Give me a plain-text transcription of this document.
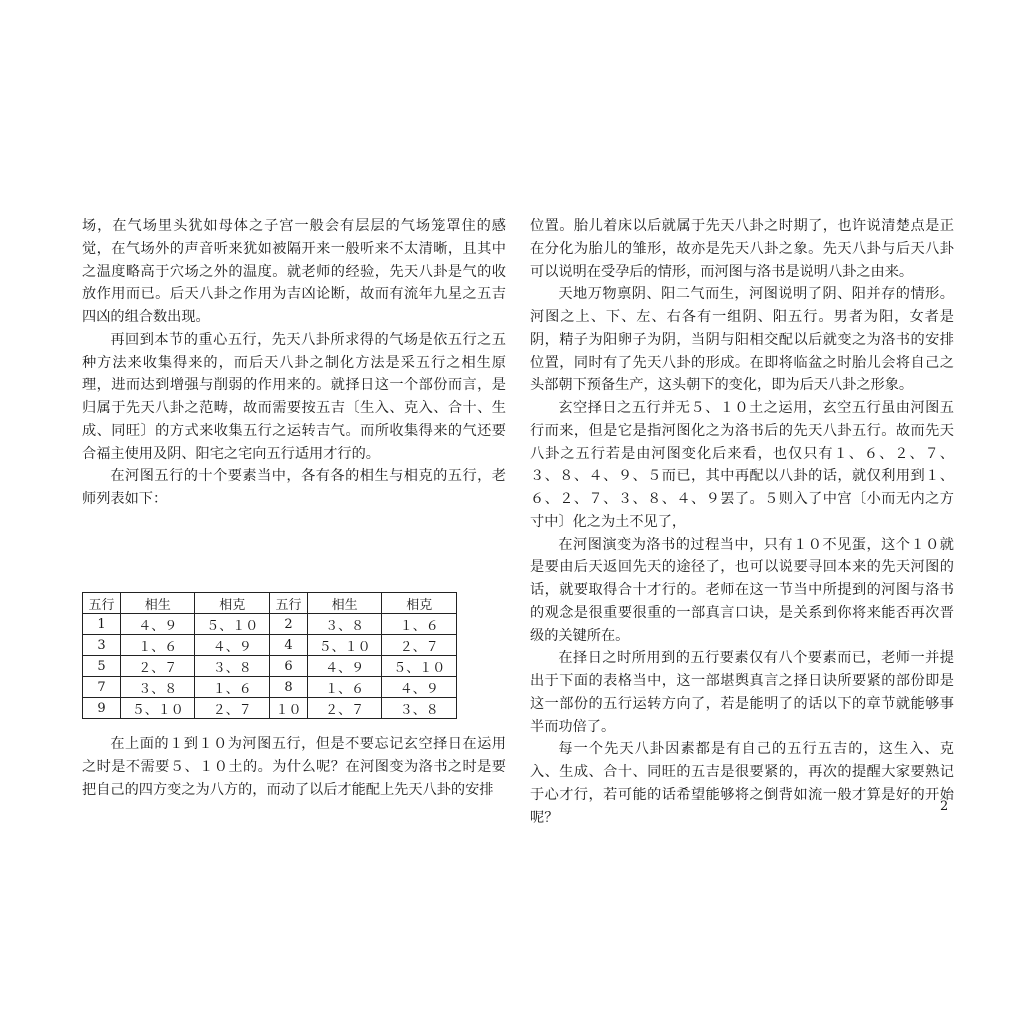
场，在气场里头犹如母体之子宫一般会有层层的气场笼罩住的感觉，在气场外的声音听来犹如被隔开来一般听来不太清晰，且其中之温度略高于穴场之外的温度。就老师的经验，先天八卦是气的收放作用而已。后天八卦之作用为吉凶论断，故而有流年九星之五吉四凶的组合数出现。

再回到本节的重心五行，先天八卦所求得的气场是依五行之五种方法来收集得来的，而后天八卦之制化方法是采五行之相生原理，进而达到增强与削弱的作用来的。就择日这一个部份而言，是归属于先天八卦之范畴，故而需要按五吉〔生入、克入、合十、生成、同旺〕的方式来收集五行之运转吉气。而所收集得来的气还要合福主使用及阴、阳宅之宅向五行适用才行的。

在河图五行的十个要素当中，各有各的相生与相克的五行，老师列表如下：

五行	相生	相克	五行	相生	相克
1	４、９	５、１０	2	３、８	１、６
3	１、６	４、９	4	５、１０	２、７
5	２、７	３、８	6	４、９	５、１０
7	３、８	１、６	8	１、６	４、９
9	５、１０	２、７	１０	２、７	３、８

在上面的１到１０为河图五行，但是不要忘记玄空择日在运用之时是不需要５、１０土的。为什么呢？在河图变为洛书之时是要把自己的四方变之为八方的，而动了以后才能配上先天八卦的安排

位置。胎儿着床以后就属于先天八卦之时期了，也许说清楚点是正在分化为胎儿的雏形，故亦是先天八卦之象。先天八卦与后天八卦可以说明在受孕后的情形，而河图与洛书是说明八卦之由来。

天地万物禀阴、阳二气而生，河图说明了阴、阳并存的情形。河图之上、下、左、右各有一组阴、阳五行。男者为阳，女者是阴，精子为阳卵子为阴，当阴与阳相交配以后就变之为洛书的安排位置，同时有了先天八卦的形成。在即将临盆之时胎儿会将自己之头部朝下预备生产，这头朝下的变化，即为后天八卦之形象。

玄空择日之五行并无５、１０土之运用，玄空五行虽由河图五行而来，但是它是指河图化之为洛书后的先天八卦五行。故而先天八卦之五行若是由河图变化后来看，也仅只有１、６、２、７、３、８、４、９、５而已，其中再配以八卦的话，就仅利用到１、６、２、７、３、８、４、９罢了。５则入了中宫〔小而无内之方寸中〕化之为土不见了，

在河图演变为洛书的过程当中，只有１０不见蛋，这个１０就是要由后天返回先天的途径了，也可以说要寻回本来的先天河图的话，就要取得合十才行的。老师在这一节当中所提到的河图与洛书的观念是很重要很重的一部真言口诀，是关系到你将来能否再次晋级的关键所在。

在择日之时所用到的五行要素仅有八个要素而已，老师一并提出于下面的表格当中，这一部堪舆真言之择日诀所要紧的部份即是这一部份的五行运转方向了，若是能明了的话以下的章节就能够事半而功倍了。

每一个先天八卦因素都是有自己的五行五吉的，这生入、克入、生成、合十、同旺的五吉是很要紧的，再次的提醒大家要熟记于心才行，若可能的话希望能够将之倒背如流一般才算是好的开始呢？

2
